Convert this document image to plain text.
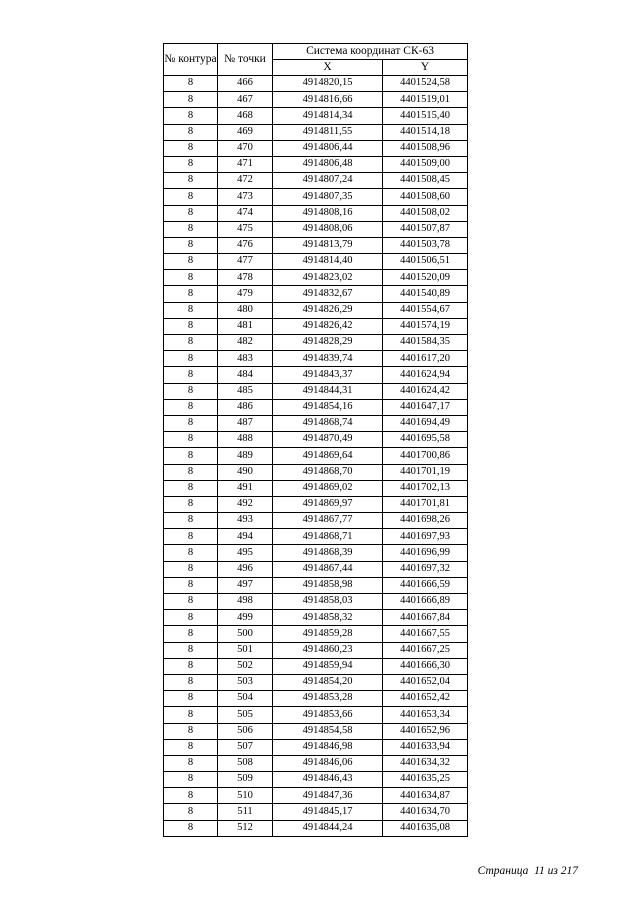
№ контура	№ точки	Система координат СК-63	
		X	Y
8	466	4914820,15	4401524,58
8	467	4914816,66	4401519,01
8	468	4914814,34	4401515,40
8	469	4914811,55	4401514,18
8	470	4914806,44	4401508,96
8	471	4914806,48	4401509,00
8	472	4914807,24	4401508,45
8	473	4914807,35	4401508,60
8	474	4914808,16	4401508,02
8	475	4914808,06	4401507,87
8	476	4914813,79	4401503,78
8	477	4914814,40	4401506,51
8	478	4914823,02	4401520,09
8	479	4914832,67	4401540,89
8	480	4914826,29	4401554,67
8	481	4914826,42	4401574,19
8	482	4914828,29	4401584,35
8	483	4914839,74	4401617,20
8	484	4914843,37	4401624,94
8	485	4914844,31	4401624,42
8	486	4914854,16	4401647,17
8	487	4914868,74	4401694,49
8	488	4914870,49	4401695,58
8	489	4914869,64	4401700,86
8	490	4914868,70	4401701,19
8	491	4914869,02	4401702,13
8	492	4914869,97	4401701,81
8	493	4914867,77	4401698,26
8	494	4914868,71	4401697,93
8	495	4914868,39	4401696,99
8	496	4914867,44	4401697,32
8	497	4914858,98	4401666,59
8	498	4914858,03	4401666,89
8	499	4914858,32	4401667,84
8	500	4914859,28	4401667,55
8	501	4914860,23	4401667,25
8	502	4914859,94	4401666,30
8	503	4914854,20	4401652,04
8	504	4914853,28	4401652,42
8	505	4914853,66	4401653,34
8	506	4914854,58	4401652,96
8	507	4914846,98	4401633,94
8	508	4914846,06	4401634,32
8	509	4914846,43	4401635,25
8	510	4914847,36	4401634,87
8	511	4914845,17	4401634,70
8	512	4914844,24	4401635,08
Страница 11 из 217
